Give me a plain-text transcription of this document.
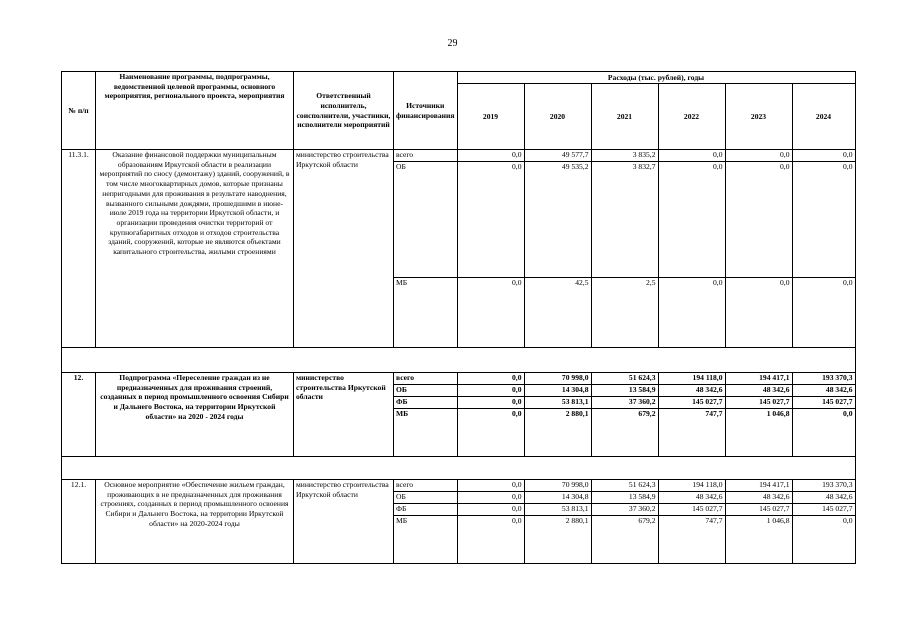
29
№ п/п	Наименование программы, подпрограммы, ведомственной целевой программы, основного мероприятия, регионального проекта, мероприятия	Ответственный исполнитель, соисполнители, участники, исполнители мероприятий	Источники финансирования	Расходы (тыс. рублей), годы					
				2019	2020	2021	2022	2023	2024
11.3.1.	Оказание финансовой поддержки муниципальным образованиям Иркутской области в реализации мероприятий по сносу (демонтажу) зданий, сооружений, в том числе многоквартирных домов, которые признаны непригодными для проживания в результате наводнения, вызванного сильными дождями, прошедшими в июне-июле 2019 года на территории Иркутской области, и организации проведения очистки территорий от крупногабаритных отходов и отходов строительства зданий, сооружений, которые не являются объектами капитального строительства, жилыми строениями	министерство строительства Иркутской области	всего	0,0	49 577,7	3 835,2	0,0	0,0	0,0
			ОБ	0,0	49 535,2	3 832,7	0,0	0,0	0,0
			МБ	0,0	42,5	2,5	0,0	0,0	0,0

12.	Подпрограмма «Переселение граждан из не предназначенных для проживания строений, созданных в период промышленного освоения Сибири и Дальнего Востока, на территории Иркутской области» на 2020 - 2024 годы	министерство строительства Иркутской области	всего	0,0	70 998,0	51 624,3	194 118,0	194 417,1	193 370,3
			ОБ	0,0	14 304,8	13 584,9	48 342,6	48 342,6	48 342,6
			ФБ	0,0	53 813,1	37 360,2	145 027,7	145 027,7	145 027,7
			МБ	0,0	2 880,1	679,2	747,7	1 046,8	0,0

12.1.	Основное мероприятие «Обеспечение жильем граждан, проживающих в не предназначенных для проживания строениях, созданных в период промышленного освоения Сибири и Дальнего Востока, на территории Иркутской области» на 2020-2024 годы	министерство строительства Иркутской области	всего	0,0	70 998,0	51 624,3	194 118,0	194 417,1	193 370,3
			ОБ	0,0	14 304,8	13 584,9	48 342,6	48 342,6	48 342,6
			ФБ	0,0	53 813,1	37 360,2	145 027,7	145 027,7	145 027,7
			МБ	0,0	2 880,1	679,2	747,7	1 046,8	0,0
